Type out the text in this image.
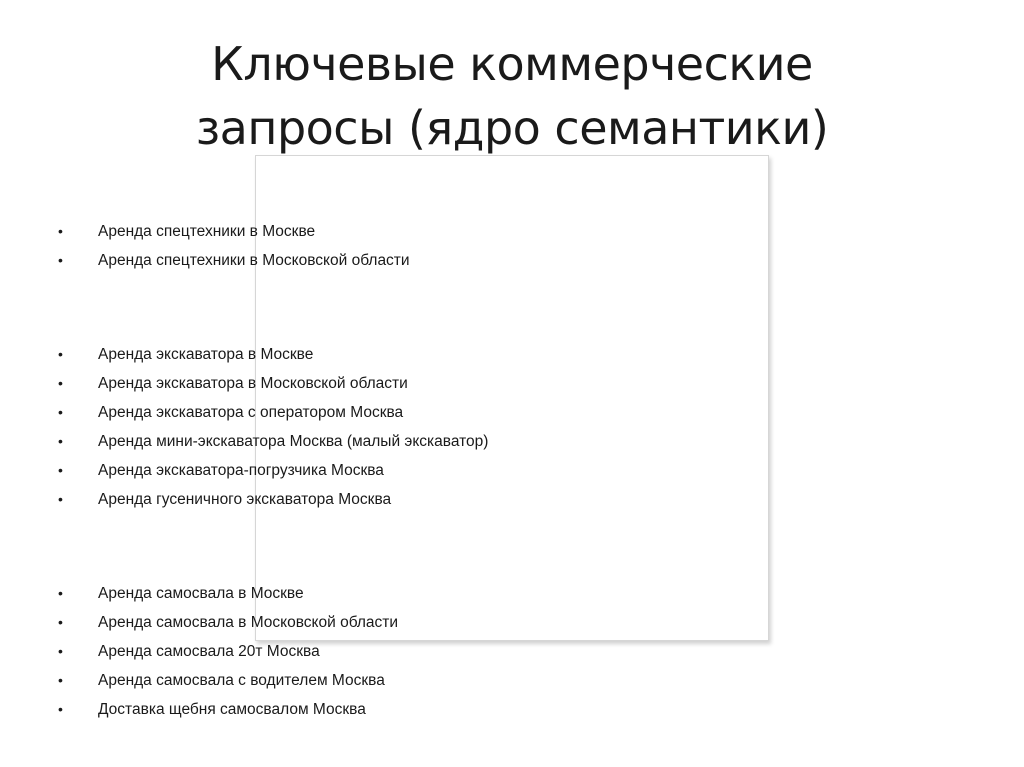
Ключевые коммерческие
запросы (ядро семантики)
• Аренда спецтехники в Москве
• Аренда спецтехники в Московской области
• Аренда экскаватора в Москве
• Аренда экскаватора в Московской области
• Аренда экскаватора с оператором Москва
• Аренда мини-экскаватора Москва (малый экскаватор)
• Аренда экскаватора-погрузчика Москва
• Аренда гусеничного экскаватора Москва
• Аренда самосвала в Москве
• Аренда самосвала в Московской области
• Аренда самосвала 20т Москва
• Аренда самосвала с водителем Москва
• Доставка щебня самосвалом Москва
